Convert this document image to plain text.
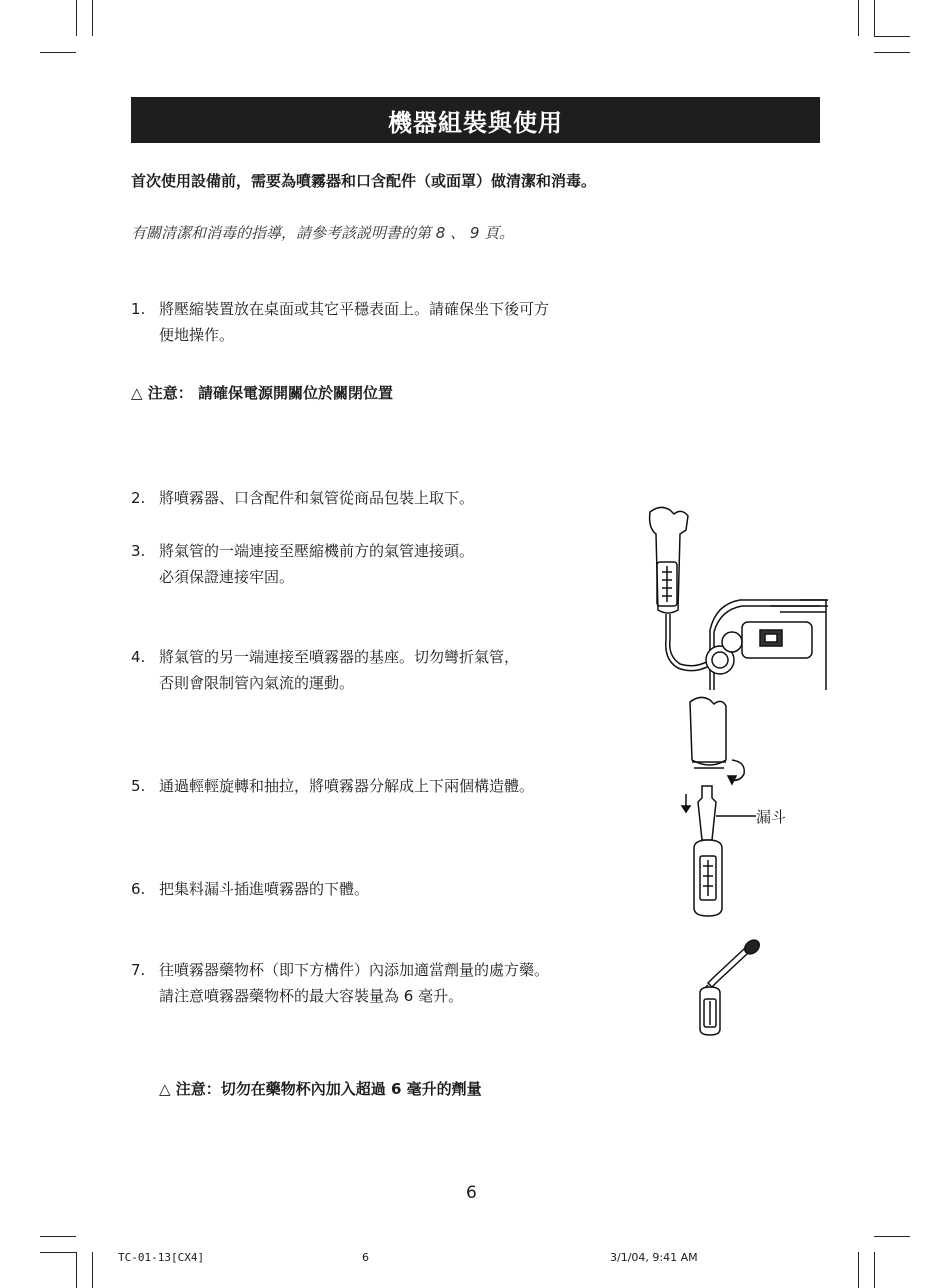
機器組裝與使用
首次使用設備前，需要為噴霧器和口含配件（或面罩）做清潔和消毒。
有關清潔和消毒的指導，請參考該説明書的第 8 、 9 頁。
1. 將壓縮裝置放在桌面或其它平穩表面上。請確保坐下後可方
便地操作。
△ 注意： 請確保電源開關位於關閉位置
2. 將噴霧器、口含配件和氣管從商品包裝上取下。
3. 將氣管的一端連接至壓縮機前方的氣管連接頭。
必須保證連接牢固。
4. 將氣管的另一端連接至噴霧器的基座。切勿彎折氣管，
否則會限制管內氣流的運動。
5. 通過輕輕旋轉和抽拉，將噴霧器分解成上下兩個構造體。
6. 把集料漏斗插進噴霧器的下體。
7. 往噴霧器藥物杯（即下方構件）內添加適當劑量的處方藥。
請注意噴霧器藥物杯的最大容裝量為 6 毫升。
△ 注意：切勿在藥物杯內加入超過 6 毫升的劑量
漏斗
6
TC-01-13[CX4]	6	3/1/04, 9:41 AM
